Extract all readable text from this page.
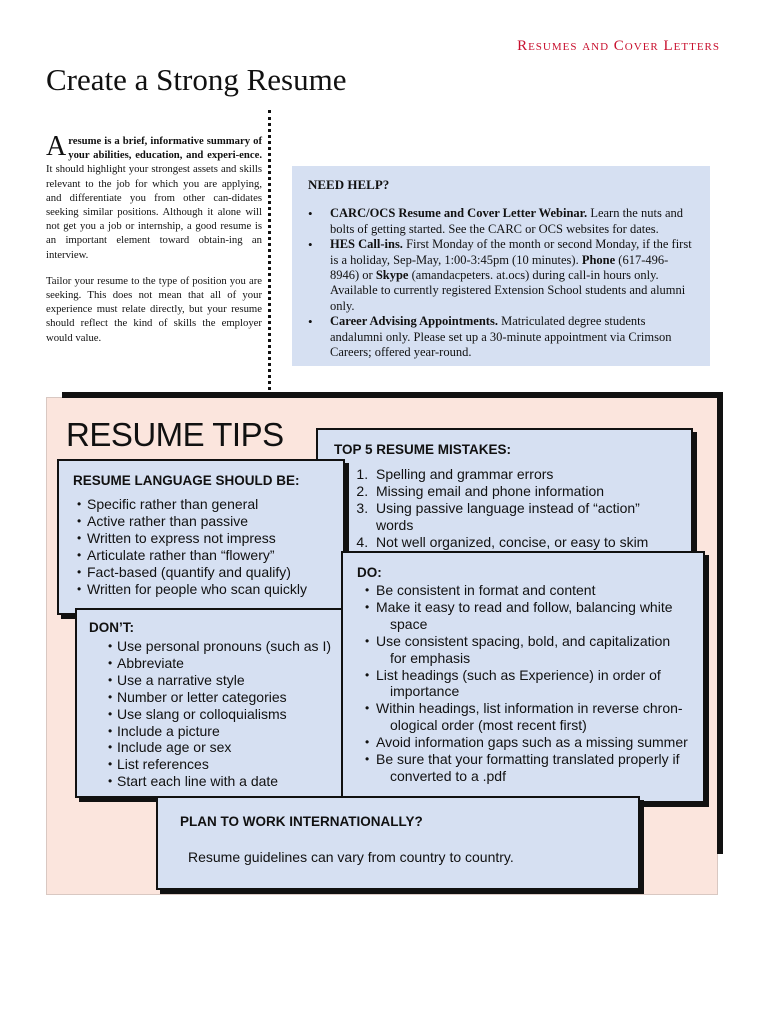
Resumes and Cover Letters
Create a Strong Resume

Aresume is a brief, informative summary of your abilities, education, and experi-ence. It should highlight your strongest assets and skills relevant to the job for which you are applying, and differentiate you from other can-didates seeking similar positions. Although it alone will not get you a job or internship, a good resume is an important element toward obtain-ing an interview.

Tailor your resume to the type of position you are seeking. This does not mean that all of your experience must relate directly, but your resume should reflect the kind of skills the employer would value.

NEED HELP?
• CARC/OCS Resume and Cover Letter Webinar. Learn the nuts and bolts of getting started. See the CARC or OCS websites for dates.
• HES Call-ins. First Monday of the month or second Monday, if the first is a holiday, Sep-May, 1:00-3:45pm (10 minutes). Phone (617-496-8946) or Skype (amandacpeters. at.ocs) during call-in hours only. Available to currently registered Extension School students and alumni only.
• Career Advising Appointments. Matriculated degree students andalumni only. Please set up a 30-minute appointment via Crimson Careers; offered year-round.
RESUME TIPS	TOP 5 RESUME MISTAKES:
1. Spelling and grammar errors
2. Missing email and phone information
3. Using passive language instead of “action” words
4. Not well organized, concise, or easy to skim
5.
RESUME LANGUAGE SHOULD BE:
• Specific rather than general
• Active rather than passive
• Written to express not impress
• Articulate rather than “flowery”
• Fact-based (quantify and qualify)
• Written for people who scan quickly
DON’T:
• Use personal pronouns (such as I)
• Abbreviate
• Use a narrative style
• Number or letter categories
• Use slang or colloquialisms
• Include a picture
• Include age or sex
• List references
• Start each line with a date
DO:
• Be consistent in format and content
• Make it easy to read and follow, balancing white
space
• Use consistent spacing, bold, and capitalization
for emphasis
• List headings (such as Experience) in order of
importance
• Within headings, list information in reverse chron-
ological order (most recent first)
• Avoid information gaps such as a missing summer
• Be sure that your formatting translated properly if
converted to a .pdf
PLAN TO WORK INTERNATIONALLY?
Resume guidelines can vary from country to country.
